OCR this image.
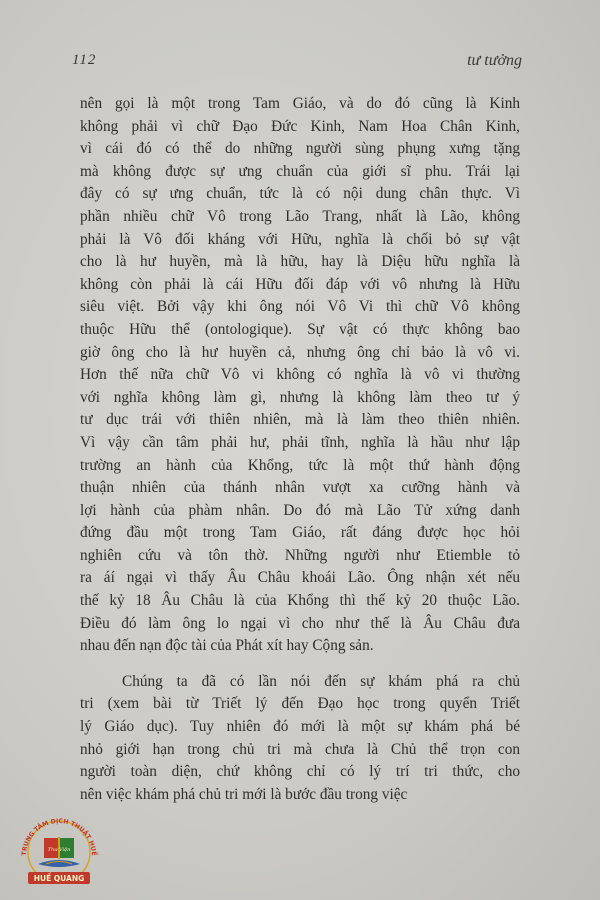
112	tư tưởng
nên gọi là một trong Tam Giáo, và do đó cũng là Kinh
không phải vì chữ Đạo Đức Kinh, Nam Hoa Chân Kinh,
vì cái đó có thể do những người sùng phụng xưng tặng
mà không được sự ưng chuẩn của giới sĩ phu. Trái lại
đây có sự ưng chuẩn, tức là có nội dung chân thực. Vì
phần nhiều chữ Vô trong Lão Trang, nhất là Lão, không
phải là Vô đối kháng với Hữu, nghĩa là chối bỏ sự vật
cho là hư huyền, mà là hữu, hay là Diệu hữu nghĩa là
không còn phải là cái Hữu đối đáp với vô nhưng là Hữu
siêu việt. Bởi vậy khi ông nói Vô Vi thì chữ Vô không
thuộc Hữu thể (ontologique). Sự vật có thực không bao
giờ ông cho là hư huyền cả, nhưng ông chỉ bảo là vô vi.
Hơn thế nữa chữ Vô vi không có nghĩa là vô vi thường
với nghĩa không làm gì, nhưng là không làm theo tư ý
tư dục trái với thiên nhiên, mà là làm theo thiên nhiên.
Vì vậy cần tâm phải hư, phải tĩnh, nghĩa là hầu như lập
trường an hành của Khổng, tức là một thứ hành động
thuận nhiên của thánh nhân vượt xa cưỡng hành và
lợi hành của phàm nhân. Do đó mà Lão Tử xứng danh
đứng đầu một trong Tam Giáo, rất đáng được học hỏi
nghiên cứu và tôn thờ. Những người như Etiemble tỏ
ra áí ngại vì thấy Âu Châu khoái Lão. Ông nhận xét nếu
thế kỷ 18 Âu Châu là của Khổng thì thế kỷ 20 thuộc Lão.
Điều đó làm ông lo ngại vì cho như thế là Âu Châu đưa
nhau đến nạn độc tài của Phát xít hay Cộng sản.
Chúng ta đã có lần nói đến sự khám phá ra chủ
tri (xem bài từ Triết lý đến Đạo học trong quyển Triết
lý Giáo dục). Tuy nhiên đó mới là một sự khám phá bé
nhỏ giới hạn trong chủ tri mà chưa là Chủ thể trọn con
người toàn diện, chứ không chỉ có lý trí tri thức, cho
nên việc khám phá chủ tri mới là bước đầu trong việc
TRUNG TÂM DỊCH THUẬT HUẾ
Thư Viện
HUẾ QUANG
